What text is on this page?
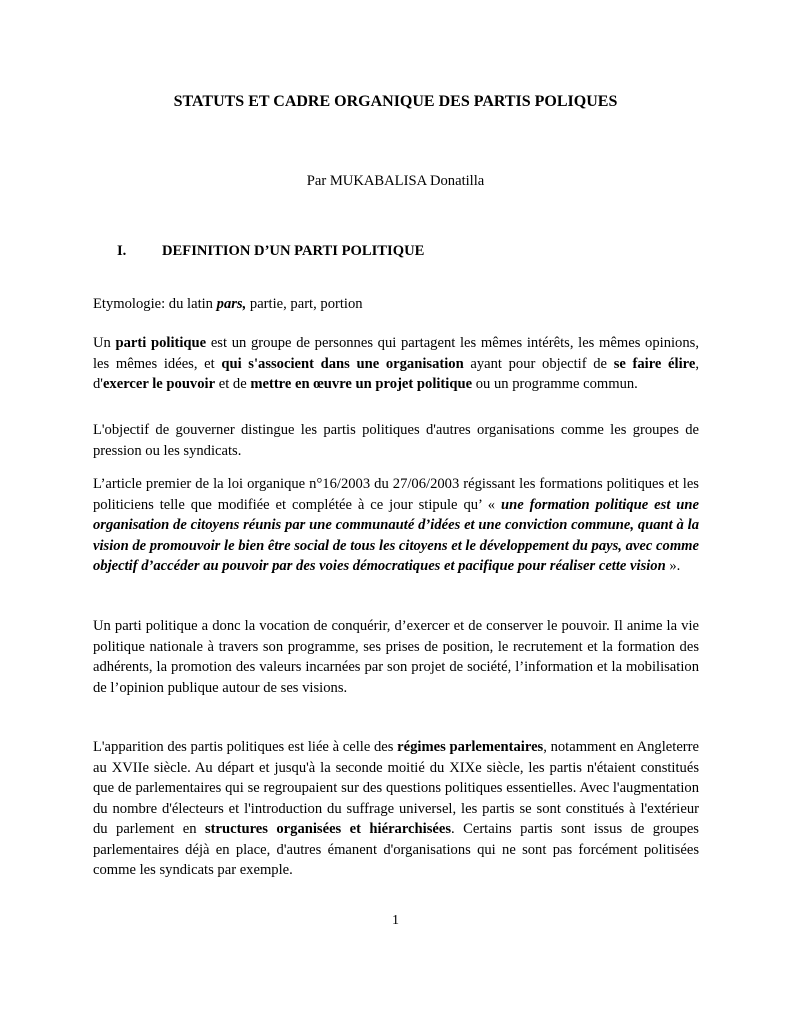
STATUTS ET CADRE ORGANIQUE DES PARTIS POLIQUES
Par MUKABALISA Donatilla
I. DEFINITION D’UN PARTI POLITIQUE

Etymologie: du latin pars, partie, part, portion

Un parti politique est un groupe de personnes qui partagent les mêmes intérêts, les mêmes opinions, les mêmes idées, et qui s'associent dans une organisation ayant pour objectif de se faire élire, d'exercer le pouvoir et de mettre en œuvre un projet politique ou un programme commun.

L'objectif de gouverner distingue les partis politiques d'autres organisations comme les groupes de pression ou les syndicats.

L’article premier de la loi organique n°16/2003 du 27/06/2003 régissant les formations politiques et les politiciens telle que modifiée et complétée à ce jour stipule qu’ « une formation politique est une organisation de citoyens réunis par une communauté d’idées et une conviction commune, quant à la vision de promouvoir le bien être social de tous les citoyens et le développement du pays, avec comme objectif d’accéder au pouvoir par des voies démocratiques et pacifique pour réaliser cette vision ».

Un parti politique a donc la vocation de conquérir, d’exercer et de conserver le pouvoir. Il anime la vie politique nationale à travers son programme, ses prises de position, le recrutement et la formation des adhérents, la promotion des valeurs incarnées par son projet de société, l’information et la mobilisation de l’opinion publique autour de ses visions.

L'apparition des partis politiques est liée à celle des régimes parlementaires, notamment en Angleterre au XVIIe siècle. Au départ et jusqu'à la seconde moitié du XIXe siècle, les partis n'étaient constitués que de parlementaires qui se regroupaient sur des questions politiques essentielles. Avec l'augmentation du nombre d'électeurs et l'introduction du suffrage universel, les partis se sont constitués à l'extérieur du parlement en structures organisées et hiérarchisées. Certains partis sont issus de groupes parlementaires déjà en place, d'autres émanent d'organisations qui ne sont pas forcément politisées comme les syndicats par exemple.

1
